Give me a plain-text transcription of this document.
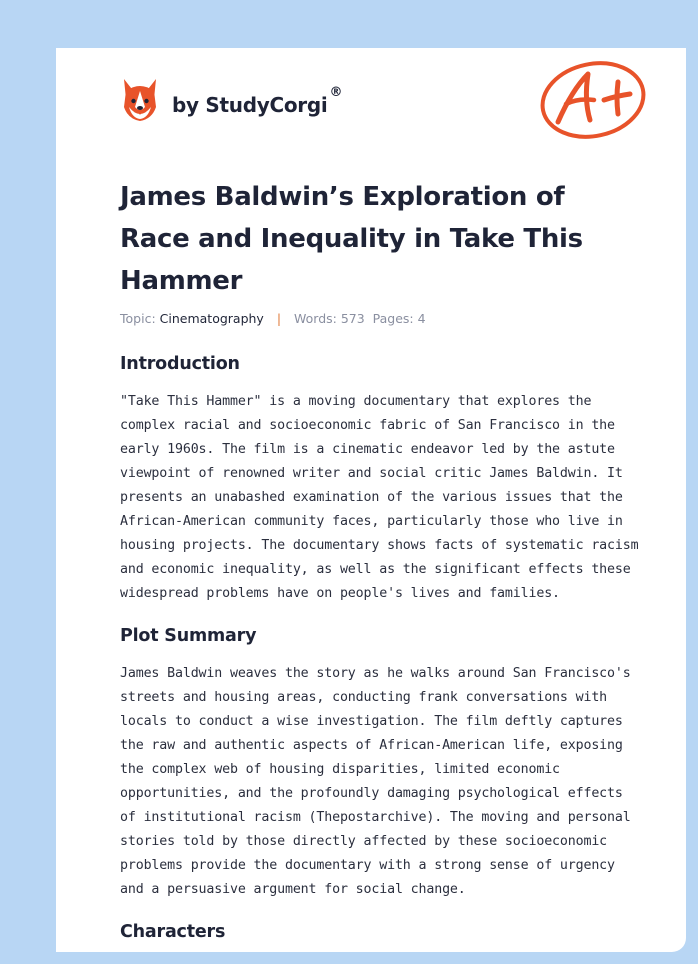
by StudyCorgi®
James Baldwin’s Exploration of Race and Inequality in Take This Hammer
Topic: Cinematography | Words: 573 Pages: 4
Introduction

"Take This Hammer" is a moving documentary that explores the complex racial and socioeconomic fabric of San Francisco in the early 1960s. The film is a cinematic endeavor led by the astute viewpoint of renowned writer and social critic James Baldwin. It presents an unabashed examination of the various issues that the African-American community faces, particularly those who live in housing projects. The documentary shows facts of systematic racism and economic inequality, as well as the significant effects these widespread problems have on people's lives and families.

Plot Summary

James Baldwin weaves the story as he walks around San Francisco's streets and housing areas, conducting frank conversations with locals to conduct a wise investigation. The film deftly captures the raw and authentic aspects of African-American life, exposing the complex web of housing disparities, limited economic opportunities, and the profoundly damaging psychological effects of institutional racism (Thepostarchive). The moving and personal stories told by those directly affected by these socioeconomic problems provide the documentary with a strong sense of urgency and a persuasive argument for social change.

Characters
